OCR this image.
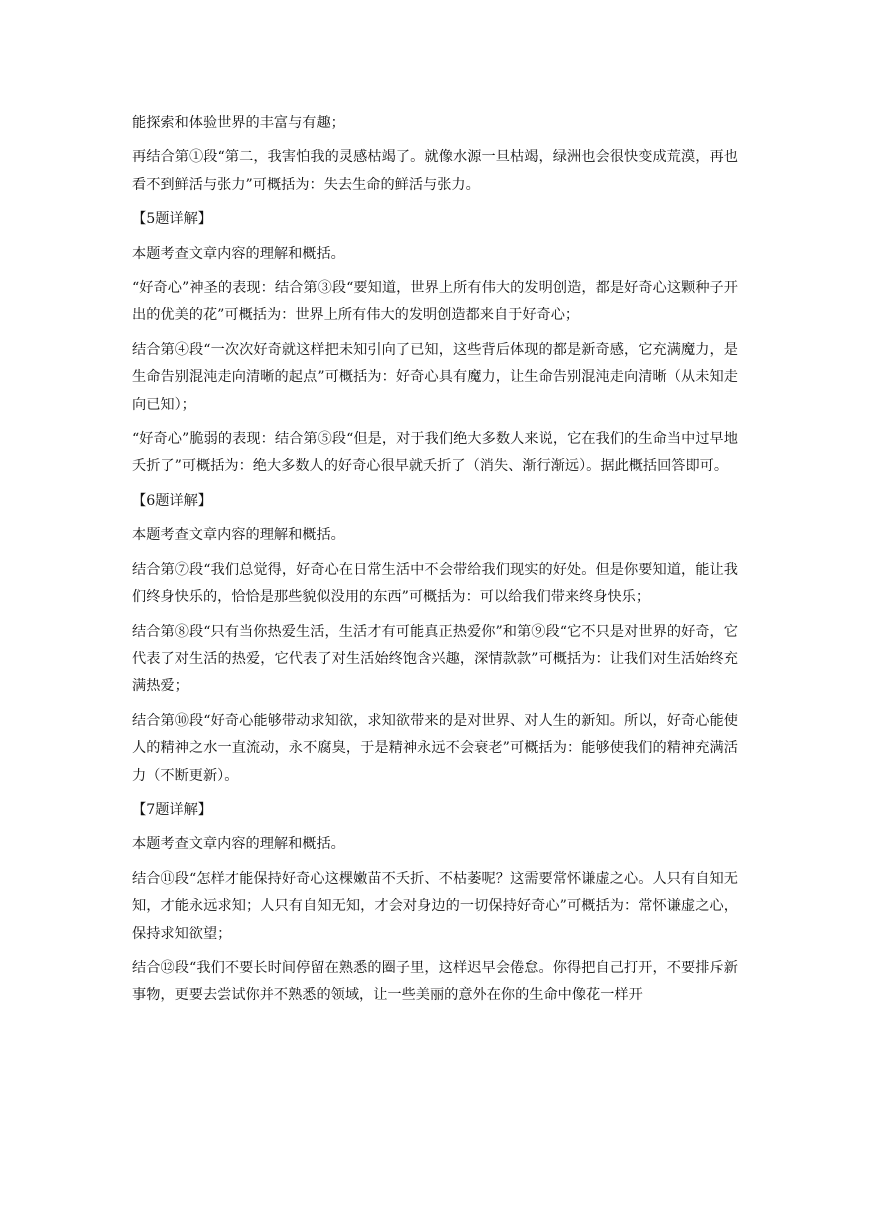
能探索和体验世界的丰富与有趣；

再结合第①段“第二，我害怕我的灵感枯竭了。就像水源一旦枯竭，绿洲也会很快变成荒漠，再也看不到鲜活与张力”可概括为：失去生命的鲜活与张力。

【5题详解】

本题考查文章内容的理解和概括。

“好奇心”神圣的表现：结合第③段“要知道，世界上所有伟大的发明创造，都是好奇心这颗种子开出的优美的花”可概括为：世界上所有伟大的发明创造都来自于好奇心；

结合第④段“一次次好奇就这样把未知引向了已知，这些背后体现的都是新奇感，它充满魔力，是生命告别混沌走向清晰的起点”可概括为：好奇心具有魔力，让生命告别混沌走向清晰（从未知走向已知）；

“好奇心”脆弱的表现：结合第⑤段“但是，对于我们绝大多数人来说，它在我们的生命当中过早地夭折了”可概括为：绝大多数人的好奇心很早就夭折了（消失、渐行渐远）。据此概括回答即可。

【6题详解】

本题考查文章内容的理解和概括。

结合第⑦段“我们总觉得，好奇心在日常生活中不会带给我们现实的好处。但是你要知道，能让我们终身快乐的，恰恰是那些貌似没用的东西”可概括为：可以给我们带来终身快乐；

结合第⑧段“只有当你热爱生活，生活才有可能真正热爱你”和第⑨段“它不只是对世界的好奇，它代表了对生活的热爱，它代表了对生活始终饱含兴趣，深情款款”可概括为：让我们对生活始终充满热爱；

结合第⑩段“好奇心能够带动求知欲，求知欲带来的是对世界、对人生的新知。所以，好奇心能使人的精神之水一直流动，永不腐臭，于是精神永远不会衰老”可概括为：能够使我们的精神充满活力（不断更新）。

【7题详解】

本题考查文章内容的理解和概括。

结合⑪段“怎样才能保持好奇心这棵嫩苗不夭折、不枯萎呢？这需要常怀谦虚之心。人只有自知无知，才能永远求知；人只有自知无知，才会对身边的一切保持好奇心”可概括为：常怀谦虚之心，保持求知欲望；

结合⑫段“我们不要长时间停留在熟悉的圈子里，这样迟早会倦怠。你得把自己打开，不要排斥新事物，更要去尝试你并不熟悉的领域，让一些美丽的意外在你的生命中像花一样开
